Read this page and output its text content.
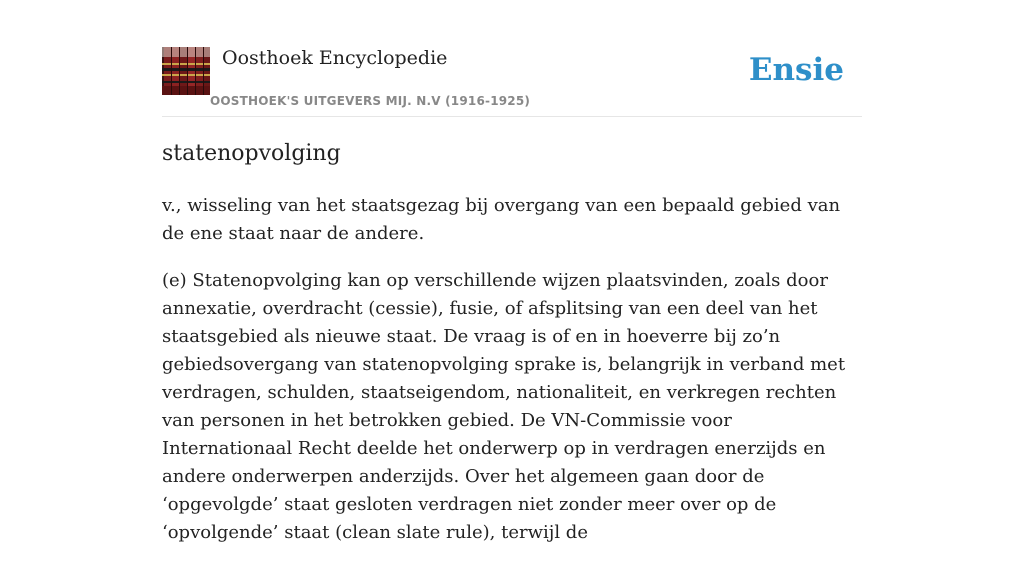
Oosthoek Encyclopedie
OOSTHOEK'S UITGEVERS MIJ. N.V (1916-1925)
Ensie
statenopvolging

v., wisseling van het staatsgezag bij overgang van een bepaald gebied van de ene staat naar de andere.

(e) Statenopvolging kan op verschillende wijzen plaatsvinden, zoals door annexatie, overdracht (cessie), fusie, of afsplitsing van een deel van het staatsgebied als nieuwe staat. De vraag is of en in hoeverre bij zo’n gebiedsovergang van statenopvolging sprake is, belangrijk in verband met verdragen, schulden, staatseigendom, nationaliteit, en verkregen rechten van personen in het betrokken gebied. De VN-Commissie voor Internationaal Recht deelde het onderwerp op in verdragen enerzijds en andere onderwerpen anderzijds. Over het algemeen gaan door de ‘opgevolgde’ staat gesloten verdragen niet zonder meer over op de ‘opvolgende’ staat (clean slate rule), terwijl de
